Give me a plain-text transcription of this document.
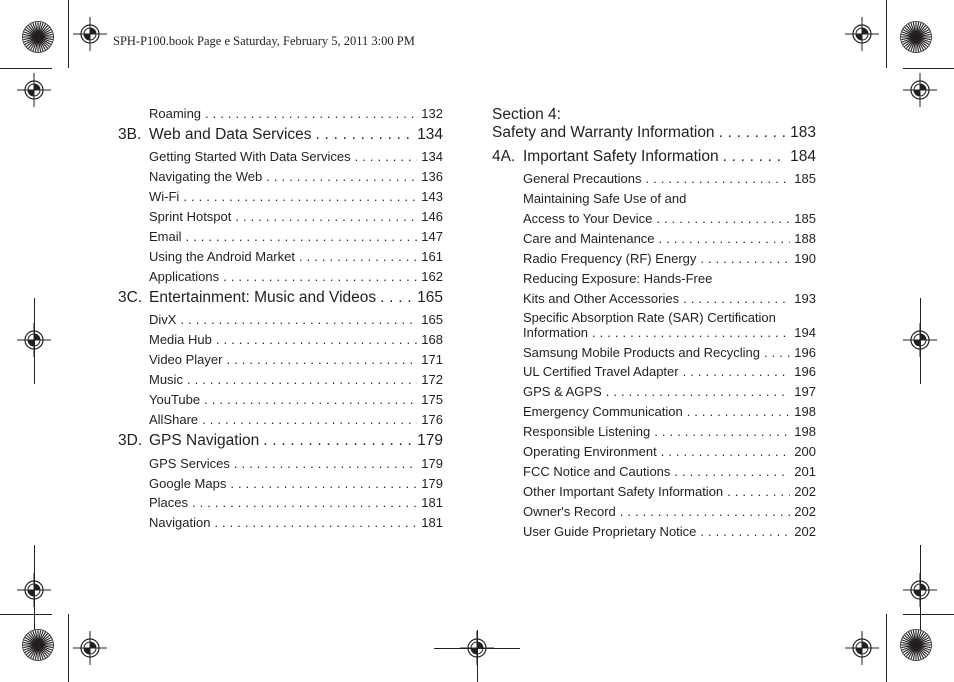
SPH-P100.book Page e Saturday, February 5, 2011 3:00 PM
Roaming . . .	132
3B. Web and Data Services . . .	134
Getting Started With Data Services . . .	134
Navigating the Web . . .	136
Wi-Fi . . .	143
Sprint Hotspot . . .	146
Email . . .	147
Using the Android Market . . .	161
Applications . . .	162
3C. Entertainment: Music and Videos . . .	165
DivX . . .	165
Media Hub . . .	168
Video Player . . .	171
Music . . .	172
YouTube . . .	175
AllShare . . .	176
3D. GPS Navigation . . .	179
GPS Services . . .	179
Google Maps . . .	179
Places . . .	181
Navigation . . .	181
Section 4:
Safety and Warranty Information . . .	183
4A. Important Safety Information . . .	184
General Precautions . . .	185
Maintaining Safe Use of and
Access to Your Device . . .	185
Care and Maintenance . . .	188
Radio Frequency (RF) Energy . . .	190
Reducing Exposure: Hands-Free
Kits and Other Accessories . . .	193
Specific Absorption Rate (SAR) Certification
Information . . .	194
Samsung Mobile Products and Recycling . . .	196
UL Certified Travel Adapter . . .	196
GPS & AGPS . . .	197
Emergency Communication . . .	198
Responsible Listening . . .	198
Operating Environment . . .	200
FCC Notice and Cautions . . .	201
Other Important Safety Information . . .	202
Owner's Record . . .	202
User Guide Proprietary Notice . . .	202
